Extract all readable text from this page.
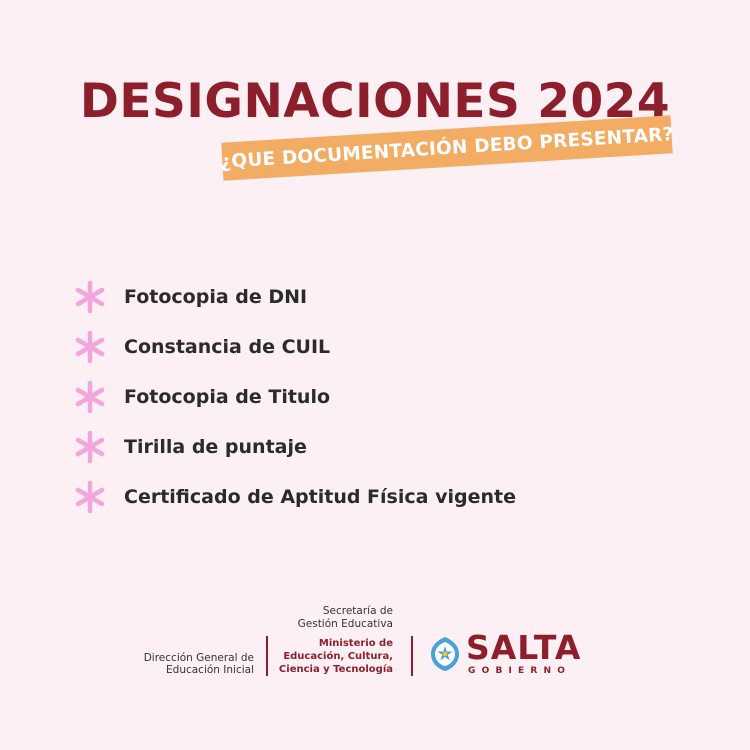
DESIGNACIONES 2024
¿QUE DOCUMENTACIÓN DEBO PRESENTAR?
Fotocopia de DNI
Constancia de CUIL
Fotocopia de Titulo
Tirilla de puntaje
Certificado de Aptitud Física vigente
Secretaría de
Gestión Educativa
Dirección General de
Educación Inicial
Ministerio de
Educación, Cultura,
Ciencia y Tecnología
SALTA
GOBIERNO
